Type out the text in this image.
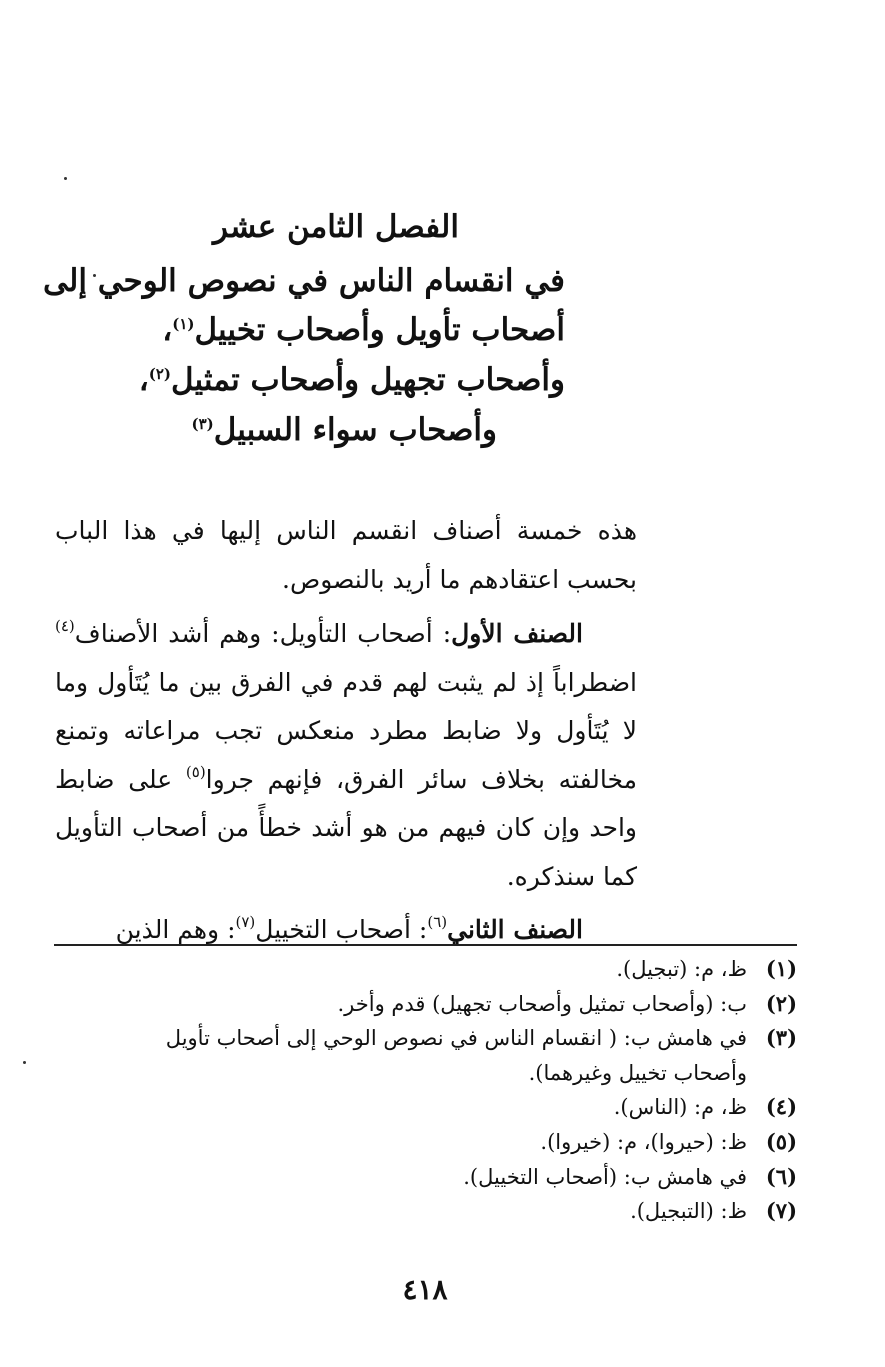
الفصل الثامن عشر
في انقسام الناس في نصوص الوحي إلى
أصحاب تأويل وأصحاب تخييل$^{(١)}$،
وأصحاب تجهيل وأصحاب تمثيل$^{(٢)}$،
وأصحاب سواء السبيل$^{(٣)}$

هذه خمسة أصناف انقسم الناس إليها في هذا الباب بحسب اعتقادهم ما أريد بالنصوص.

الصنف الأول: أصحاب التأويل: وهم أشد الأصناف$^{(٤)}$ اضطراباً إذ لم يثبت لهم قدم في الفرق بين ما يُتَأول وما لا يُتَأول ولا ضابط مطرد منعكس تجب مراعاته وتمنع مخالفته بخلاف سائر الفرق، فإنهم جروا$^{(٥)}$ على ضابط واحد وإن كان فيهم من هو أشد خطأً من أصحاب التأويل كما سنذكره.

الصنف الثاني$^{(٦)}$: أصحاب التخييل$^{(٧)}$: وهم الذين

(١)
ظ، م: (تبجيل).
(٢)
ب: (وأصحاب تمثيل وأصحاب تجهيل) قدم وأخر.
(٣)
في هامش ب: ( انقسام الناس في نصوص الوحي إلى أصحاب تأويل وأصحاب تخييل وغيرهما).
(٤)
ظ، م: (الناس).
(٥)
ظ: (حيروا)، م: (خيروا).
(٦)
في هامش ب: (أصحاب التخييل).
(٧)
ظ: (التبجيل).
٤١٨
